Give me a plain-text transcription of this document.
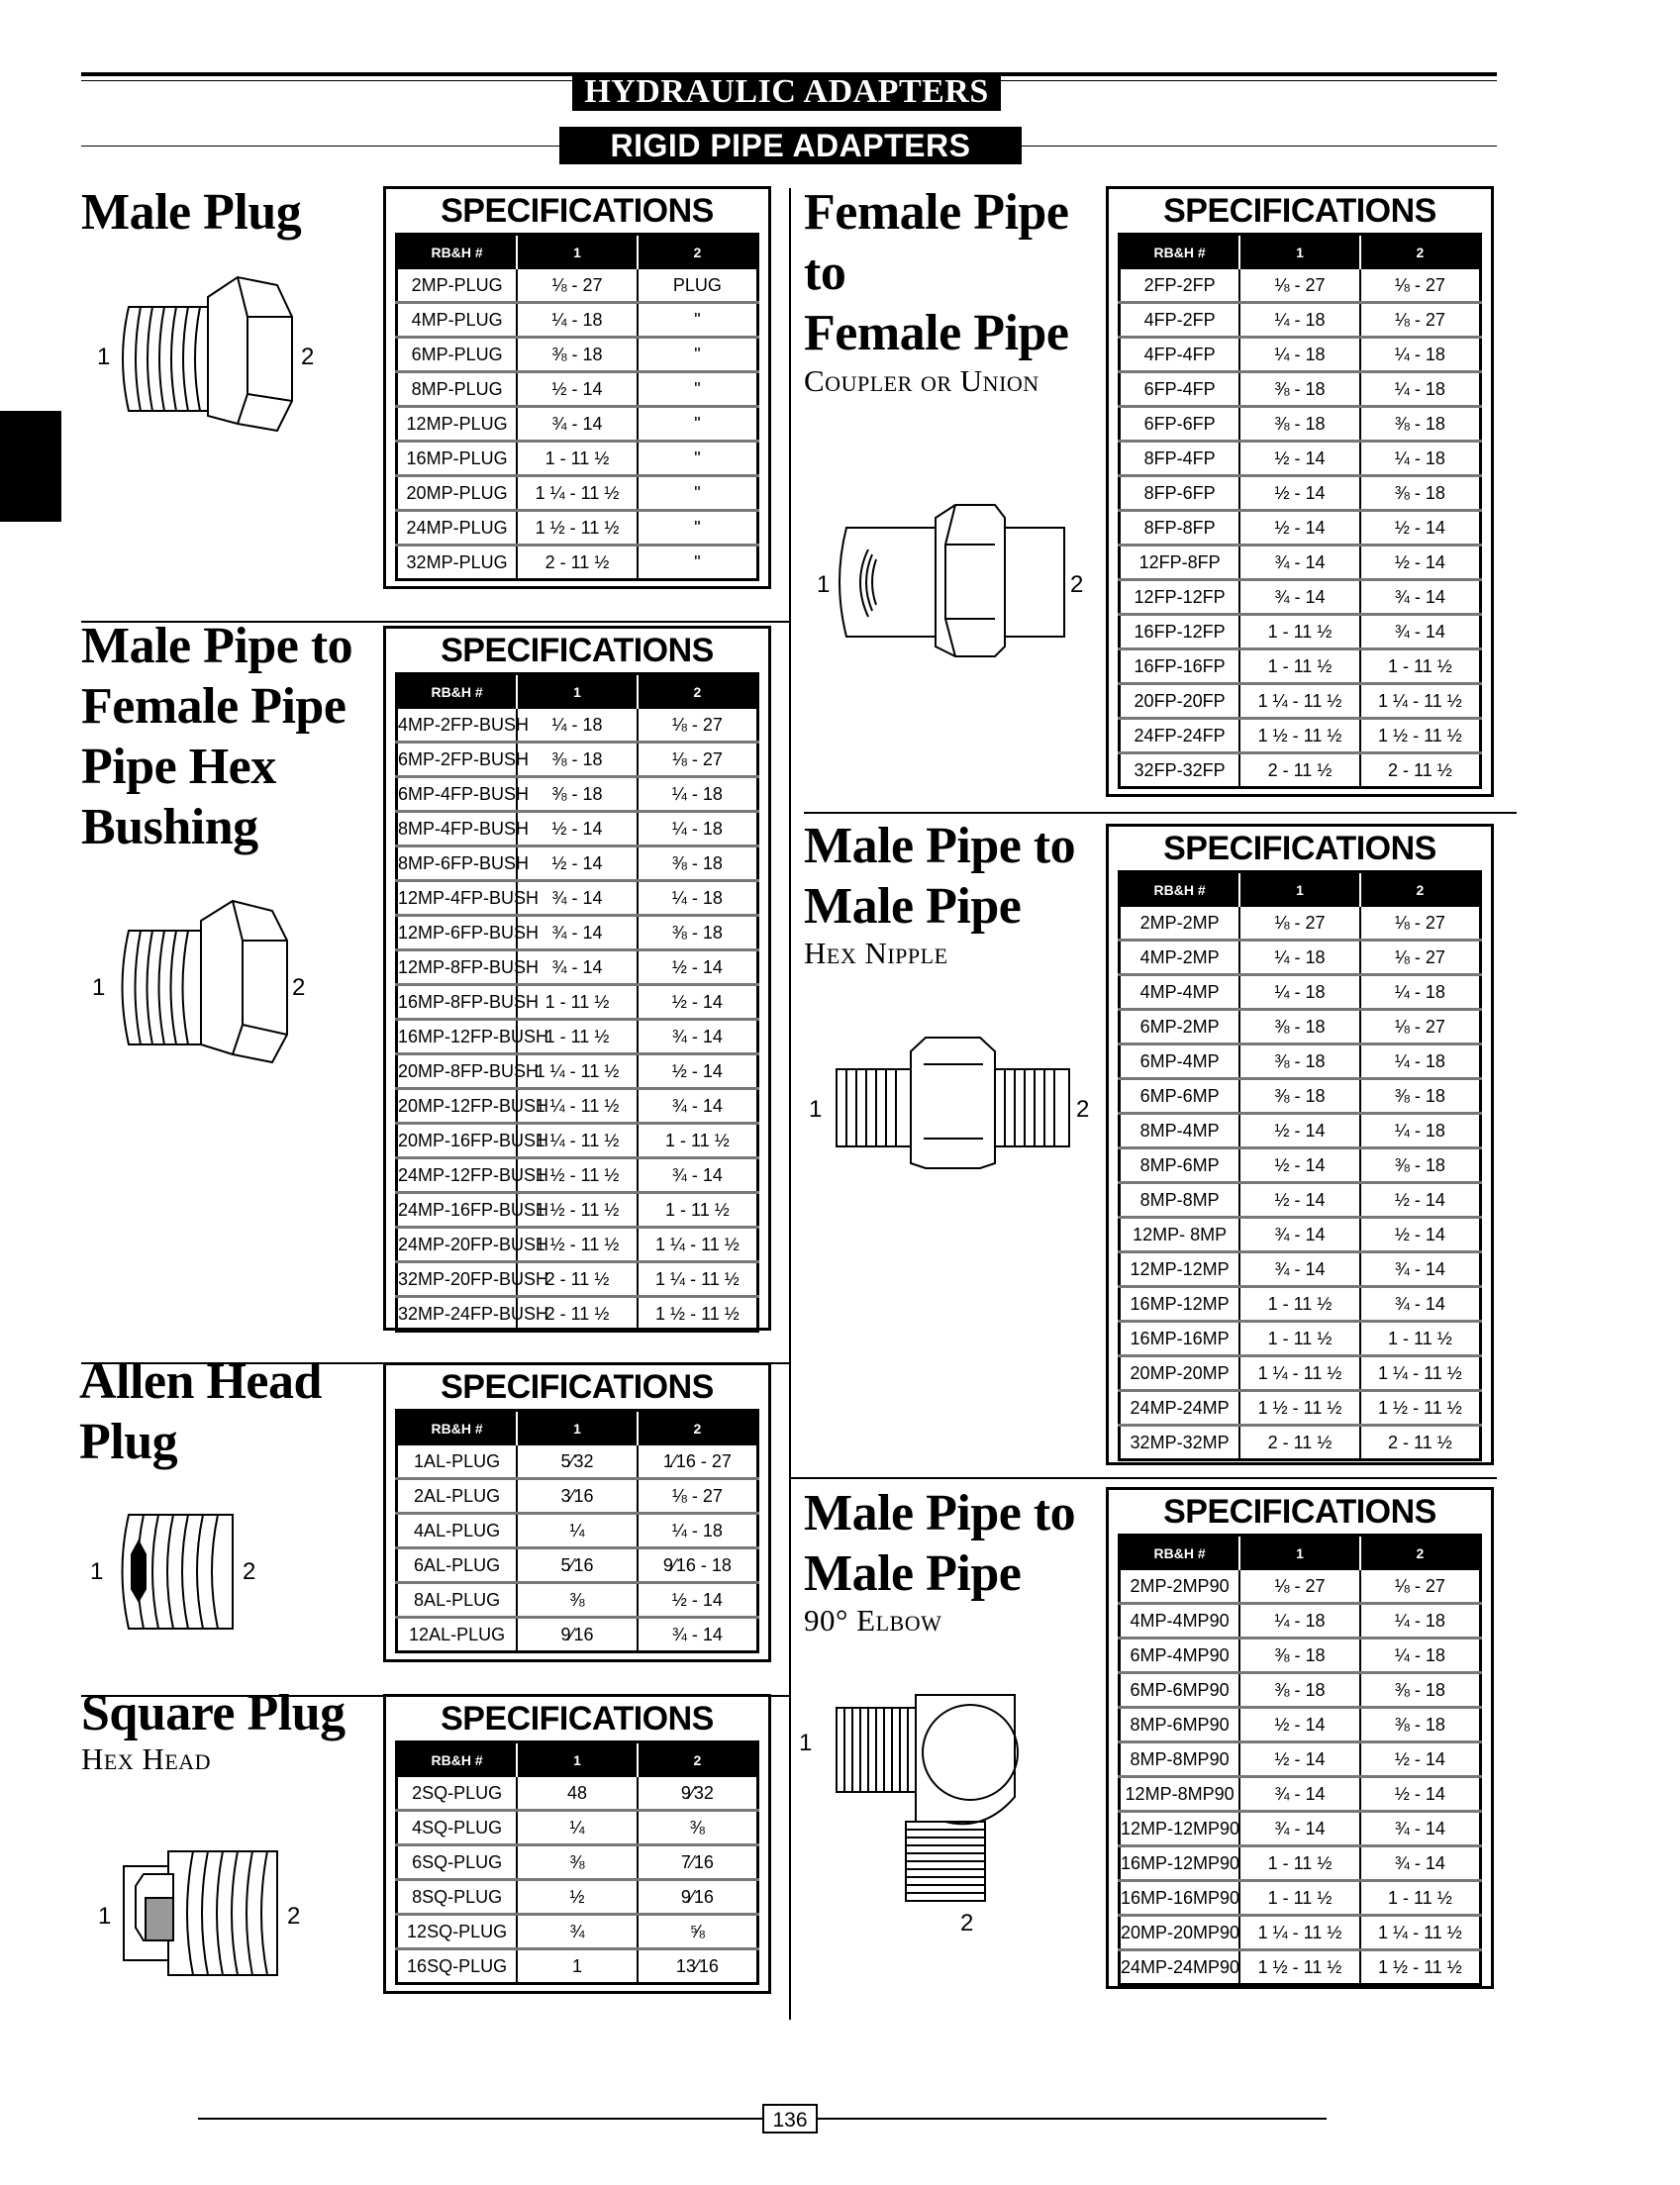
HYDRAULIC ADAPTERS
RIGID PIPE ADAPTERS
Male Plug
1	2
SPECIFICATIONS
RB&H #	1	2
2MP-PLUG	⅛ - 27	PLUG
4MP-PLUG	¼ - 18	"
6MP-PLUG	⅜ - 18	"
8MP-PLUG	½ - 14	"
12MP-PLUG	¾ - 14	"
16MP-PLUG	1 - 11 ½	"
20MP-PLUG	1 ¼ - 11 ½	"
24MP-PLUG	1 ½ - 11 ½	"
32MP-PLUG	2 - 11 ½	"
Male Pipe to
Female Pipe
Pipe Hex
Bushing
1	2
SPECIFICATIONS
RB&H #	1	2
4MP-2FP-BUSH	¼ - 18	⅛ - 27
6MP-2FP-BUSH	⅜ - 18	⅛ - 27
6MP-4FP-BUSH	⅜ - 18	¼ - 18
8MP-4FP-BUSH	½ - 14	¼ - 18
8MP-6FP-BUSH	½ - 14	⅜ - 18
12MP-4FP-BUSH	¾ - 14	¼ - 18
12MP-6FP-BUSH	¾ - 14	⅜ - 18
12MP-8FP-BUSH	¾ - 14	½ - 14
16MP-8FP-BUSH	1 - 11 ½	½ - 14
16MP-12FP-BUSH	1 - 11 ½	¾ - 14
20MP-8FP-BUSH	1 ¼ - 11 ½	½ - 14
20MP-12FP-BUSH	1 ¼ - 11 ½	¾ - 14
20MP-16FP-BUSH	1 ¼ - 11 ½	1 - 11 ½
24MP-12FP-BUSH	1 ½ - 11 ½	¾ - 14
24MP-16FP-BUSH	1 ½ - 11 ½	1 - 11 ½
24MP-20FP-BUSH	1 ½ - 11 ½	1 ¼ - 11 ½
32MP-20FP-BUSH	2 - 11 ½	1 ¼ - 11 ½
32MP-24FP-BUSH	2 - 11 ½	1 ½ - 11 ½
Allen Head
Plug
1	2
SPECIFICATIONS
RB&H #	1	2
1AL-PLUG	5⁄32	1⁄16 - 27
2AL-PLUG	3⁄16	⅛ - 27
4AL-PLUG	¼	¼ - 18
6AL-PLUG	5⁄16	9⁄16 - 18
8AL-PLUG	⅜	½ - 14
12AL-PLUG	9⁄16	¾ - 14
Square Plug
Hex Head
1	2
SPECIFICATIONS
RB&H #	1	2
2SQ-PLUG	48	9⁄32
4SQ-PLUG	¼	⅜
6SQ-PLUG	⅜	7⁄16
8SQ-PLUG	½	9⁄16
12SQ-PLUG	¾	⅝
16SQ-PLUG	1	13⁄16
Female Pipe
to
Female Pipe
Coupler or Union
1	2
SPECIFICATIONS
RB&H #	1	2
2FP-2FP	⅛ - 27	⅛ - 27
4FP-2FP	¼ - 18	⅛ - 27
4FP-4FP	¼ - 18	¼ - 18
6FP-4FP	⅜ - 18	¼ - 18
6FP-6FP	⅜ - 18	⅜ - 18
8FP-4FP	½ - 14	¼ - 18
8FP-6FP	½ - 14	⅜ - 18
8FP-8FP	½ - 14	½ - 14
12FP-8FP	¾ - 14	½ - 14
12FP-12FP	¾ - 14	¾ - 14
16FP-12FP	1 - 11 ½	¾ - 14
16FP-16FP	1 - 11 ½	1 - 11 ½
20FP-20FP	1 ¼ - 11 ½	1 ¼ - 11 ½
24FP-24FP	1 ½ - 11 ½	1 ½ - 11 ½
32FP-32FP	2 - 11 ½	2 - 11 ½
Male Pipe to
Male Pipe
Hex Nipple
1	2
SPECIFICATIONS
RB&H #	1	2
2MP-2MP	⅛ - 27	⅛ - 27
4MP-2MP	¼ - 18	⅛ - 27
4MP-4MP	¼ - 18	¼ - 18
6MP-2MP	⅜ - 18	⅛ - 27
6MP-4MP	⅜ - 18	¼ - 18
6MP-6MP	⅜ - 18	⅜ - 18
8MP-4MP	½ - 14	¼ - 18
8MP-6MP	½ - 14	⅜ - 18
8MP-8MP	½ - 14	½ - 14
12MP- 8MP	¾ - 14	½ - 14
12MP-12MP	¾ - 14	¾ - 14
16MP-12MP	1 - 11 ½	¾ - 14
16MP-16MP	1 - 11 ½	1 - 11 ½
20MP-20MP	1 ¼ - 11 ½	1 ¼ - 11 ½
24MP-24MP	1 ½ - 11 ½	1 ½ - 11 ½
32MP-32MP	2 - 11 ½	2 - 11 ½
Male Pipe to
Male Pipe
90° Elbow
1
2
SPECIFICATIONS
RB&H #	1	2
2MP-2MP90	⅛ - 27	⅛ - 27
4MP-4MP90	¼ - 18	¼ - 18
6MP-4MP90	⅜ - 18	¼ - 18
6MP-6MP90	⅜ - 18	⅜ - 18
8MP-6MP90	½ - 14	⅜ - 18
8MP-8MP90	½ - 14	½ - 14
12MP-8MP90	¾ - 14	½ - 14
12MP-12MP90	¾ - 14	¾ - 14
16MP-12MP90	1 - 11 ½	¾ - 14
16MP-16MP90	1 - 11 ½	1 - 11 ½
20MP-20MP90	1 ¼ - 11 ½	1 ¼ - 11 ½
24MP-24MP90	1 ½ - 11 ½	1 ½ - 11 ½
136
